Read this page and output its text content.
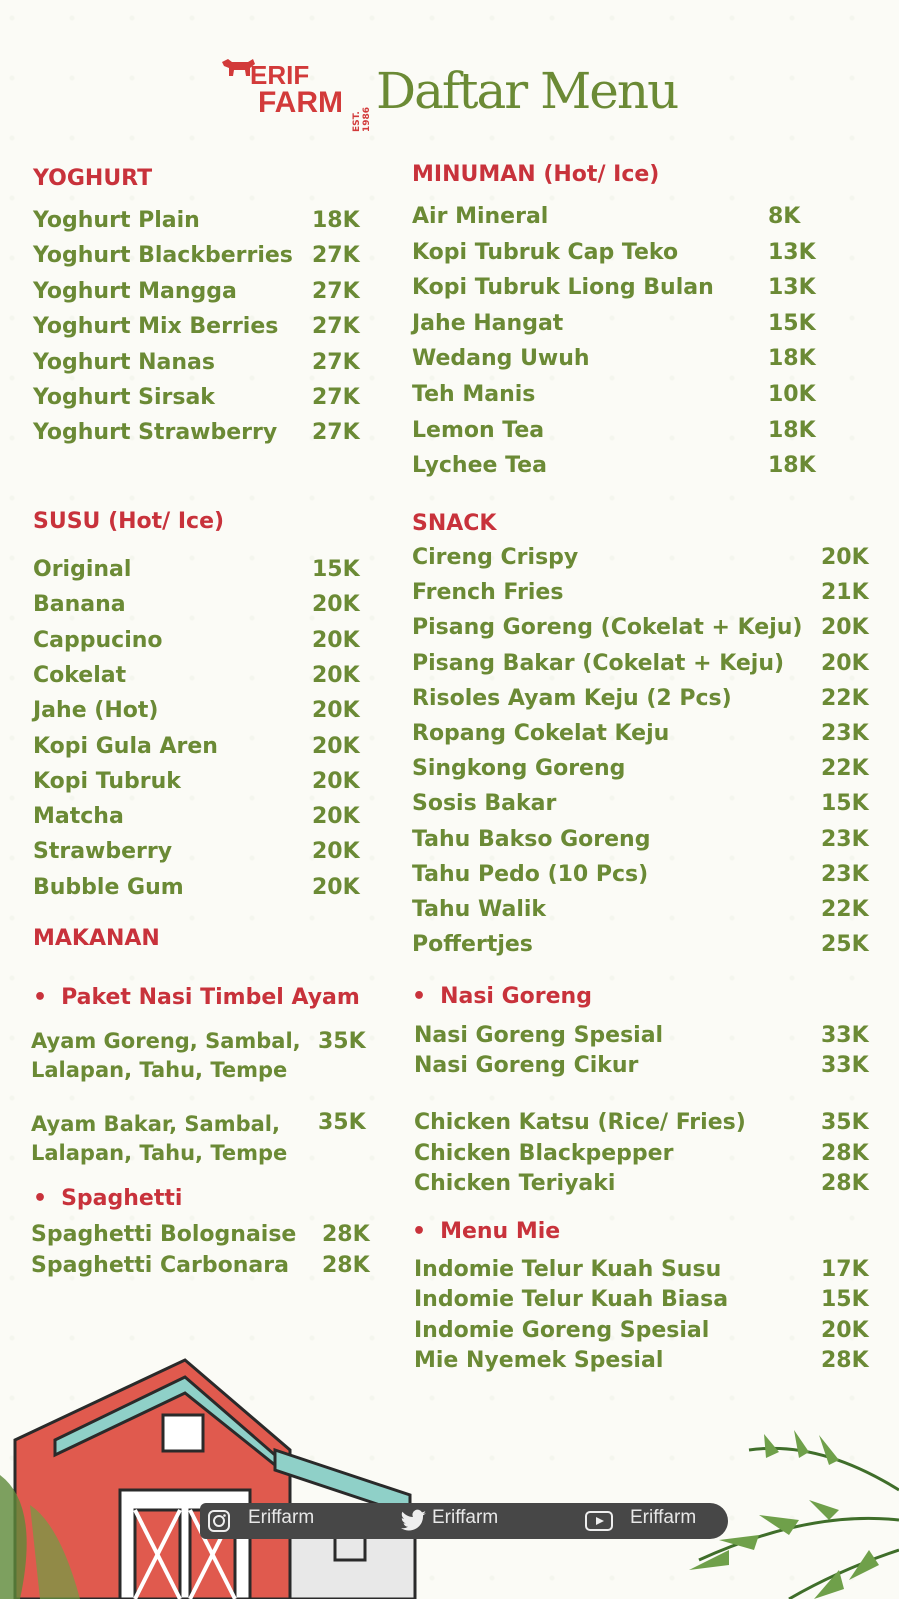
ERIF
FARM
EST. 1986 Daftar Menu
YOGHURT
Yoghurt Plain	18K
Yoghurt Blackberries 27K
Yoghurt Mangga	27K
Yoghurt Mix Berries 27K
Yoghurt Nanas	27K
Yoghurt Sirsak	27K
Yoghurt Strawberry 27K
SUSU (Hot/ Ice)
Original	15K
Banana	20K
Cappucino	20K
Cokelat	20K
Jahe (Hot)	20K
Kopi Gula Aren	20K
Kopi Tubruk	20K
Matcha	20K
Strawberry	20K
Bubble Gum	20K
MAKANAN
• Paket Nasi Timbel Ayam
Ayam Goreng, Sambal,
Lalapan, Tahu, Tempe
35K
Ayam Bakar, Sambal,
Lalapan, Tahu, Tempe
35K
• Spaghetti
Spaghetti Bolognaise 28K
Spaghetti Carbonara 28K
MINUMAN (Hot/ Ice)
Air Mineral	8K
Kopi Tubruk Cap Teko	13K
Kopi Tubruk Liong Bulan 13K
Jahe Hangat	15K
Wedang Uwuh	18K
Teh Manis	10K
Lemon Tea	18K
Lychee Tea	18K
SNACK
Cireng Crispy	20K
French Fries	21K
Pisang Goreng (Cokelat + Keju) 20K
Pisang Bakar (Cokelat + Keju) 20K
Risoles Ayam Keju (2 Pcs)	22K
Ropang Cokelat Keju	23K
Singkong Goreng	22K
Sosis Bakar	15K
Tahu Bakso Goreng	23K
Tahu Pedo (10 Pcs)	23K
Tahu Walik	22K
Poffertjes	25K
• Nasi Goreng
Nasi Goreng Spesial	33K
Nasi Goreng Cikur	33K
Chicken Katsu (Rice/ Fries)	35K
Chicken Blackpepper	28K
Chicken Teriyaki	28K
• Menu Mie
Indomie Telur Kuah Susu	17K
Indomie Telur Kuah Biasa	15K
Indomie Goreng Spesial	20K
Mie Nyemek Spesial	28K
Eriffarm	Eriffarm	Eriffarm
